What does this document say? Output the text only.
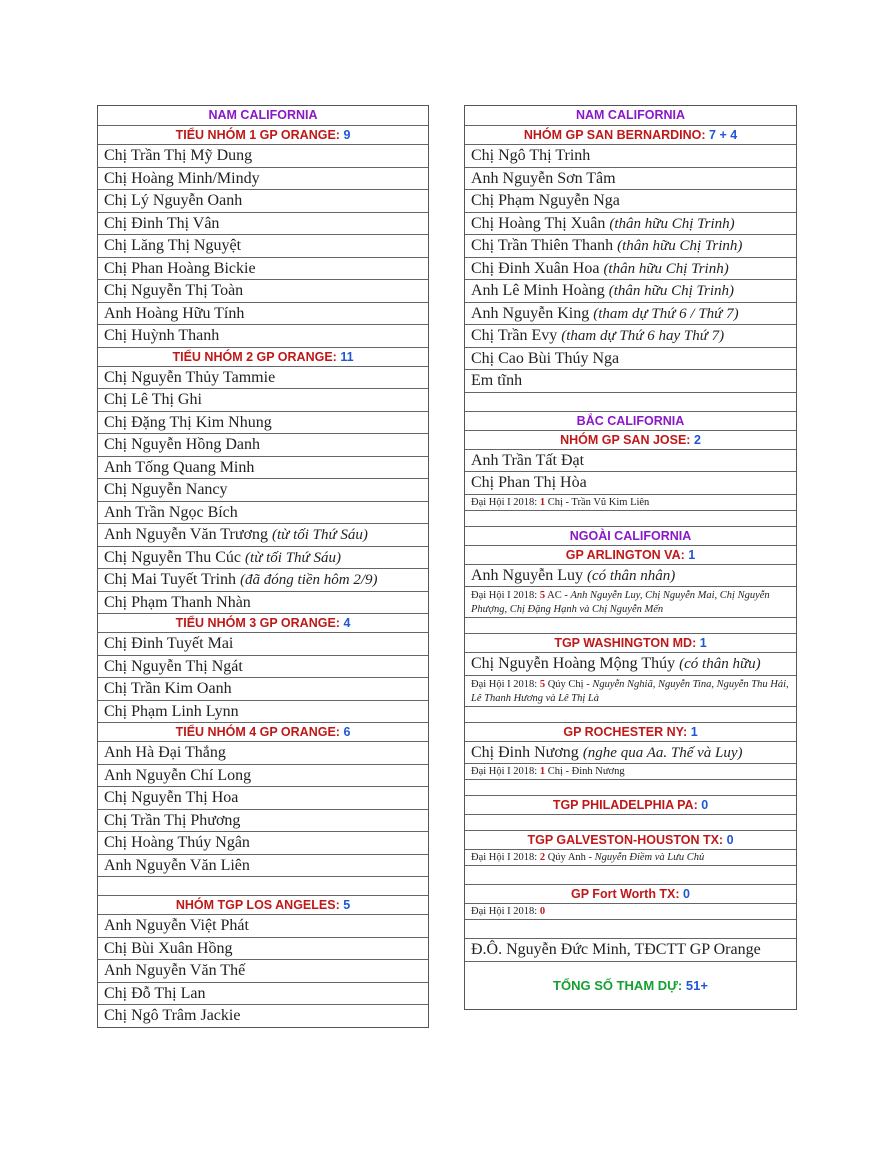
NAM CALIFORNIA
TIỂU NHÓM 1 GP ORANGE: 9
Chị Trần Thị Mỹ Dung
Chị Hoàng Minh/Mindy
Chị Lý Nguyễn Oanh
Chị Đinh Thị Vân
Chị Lăng Thị Nguyệt
Chị Phan Hoàng Bickie
Chị Nguyễn Thị Toàn
Anh Hoàng Hữu Tính
Chị Huỳnh Thanh
TIỂU NHÓM 2 GP ORANGE: 11
Chị Nguyễn Thủy Tammie
Chị Lê Thị Ghi
Chị Đặng Thị Kim Nhung
Chị Nguyễn Hồng Danh
Anh Tống Quang Minh
Chị Nguyễn Nancy
Anh Trần Ngọc Bích
Anh Nguyễn Văn Trương (từ tối Thứ Sáu)
Chị Nguyễn Thu Cúc (từ tối Thứ Sáu)
Chị Mai Tuyết Trinh (đã đóng tiền hôm 2/9)
Chị Phạm Thanh Nhàn
TIỂU NHÓM 3 GP ORANGE: 4
Chị Đinh Tuyết Mai
Chị Nguyễn Thị Ngát
Chị Trần Kim Oanh
Chị Phạm Linh Lynn
TIỂU NHÓM 4 GP ORANGE: 6
Anh Hà Đại Thắng
Anh Nguyễn Chí Long
Chị Nguyễn Thị Hoa
Chị Trần Thị Phương
Chị Hoàng Thúy Ngân
Anh Nguyễn Văn Liên
NHÓM TGP LOS ANGELES: 5
Anh Nguyễn Việt Phát
Chị Bùi Xuân Hồng
Anh Nguyễn Văn Thế
Chị Đỗ Thị Lan
Chị Ngô Trâm Jackie
NAM CALIFORNIA
NHÓM GP SAN BERNARDINO: 7 + 4
Chị Ngô Thị Trinh
Anh Nguyễn Sơn Tâm
Chị Phạm Nguyễn Nga
Chị Hoàng Thị Xuân (thân hữu Chị Trinh)
Chị Trần Thiên Thanh (thân hữu Chị Trinh)
Chị Đinh Xuân Hoa (thân hữu Chị Trinh)
Anh Lê Minh Hoàng (thân hữu Chị Trinh)
Anh Nguyễn King (tham dự Thứ 6 / Thứ 7)
Chị Trần Evy (tham dự Thứ 6 hay Thứ 7)
Chị Cao Bùi Thúy Nga
Em tĩnh
BẮC CALIFORNIA
NHÓM GP SAN JOSE: 2
Anh Trần Tất Đạt
Chị Phan Thị Hòa
Đại Hội I 2018: 1 Chị - Trần Vũ Kim Liên
NGOÀI CALIFORNIA
GP ARLINGTON VA: 1
Anh Nguyễn Luy (có thân nhân)
Đại Hội I 2018: 5 AC - Anh Nguyễn Luy, Chị Nguyễn Mai, Chị Nguyễn Phượng, Chị Đặng Hạnh và Chị Nguyễn Mến
TGP WASHINGTON MD: 1
Chị Nguyễn Hoàng Mộng Thúy (có thân hữu)
Đại Hội I 2018: 5 Qúy Chị - Nguyễn Nghiã, Nguyễn Tina, Nguyễn Thu Hải, Lê Thanh Hương và Lê Thị Là
GP ROCHESTER NY: 1
Chị Đinh Nương (nghe qua Aa. Thế và Luy)
Đại Hội I 2018: 1 Chị - Đinh Nương
TGP PHILADELPHIA PA: 0
TGP GALVESTON-HOUSTON TX: 0
Đại Hội I 2018: 2 Qúy Anh - Nguyễn Điềm và Lưu Chủ
GP Fort Worth TX: 0
Đại Hội I 2018: 0
Đ.Ô. Nguyễn Đức Minh, TĐCTT GP Orange
TỔNG SỐ THAM DỰ: 51+
